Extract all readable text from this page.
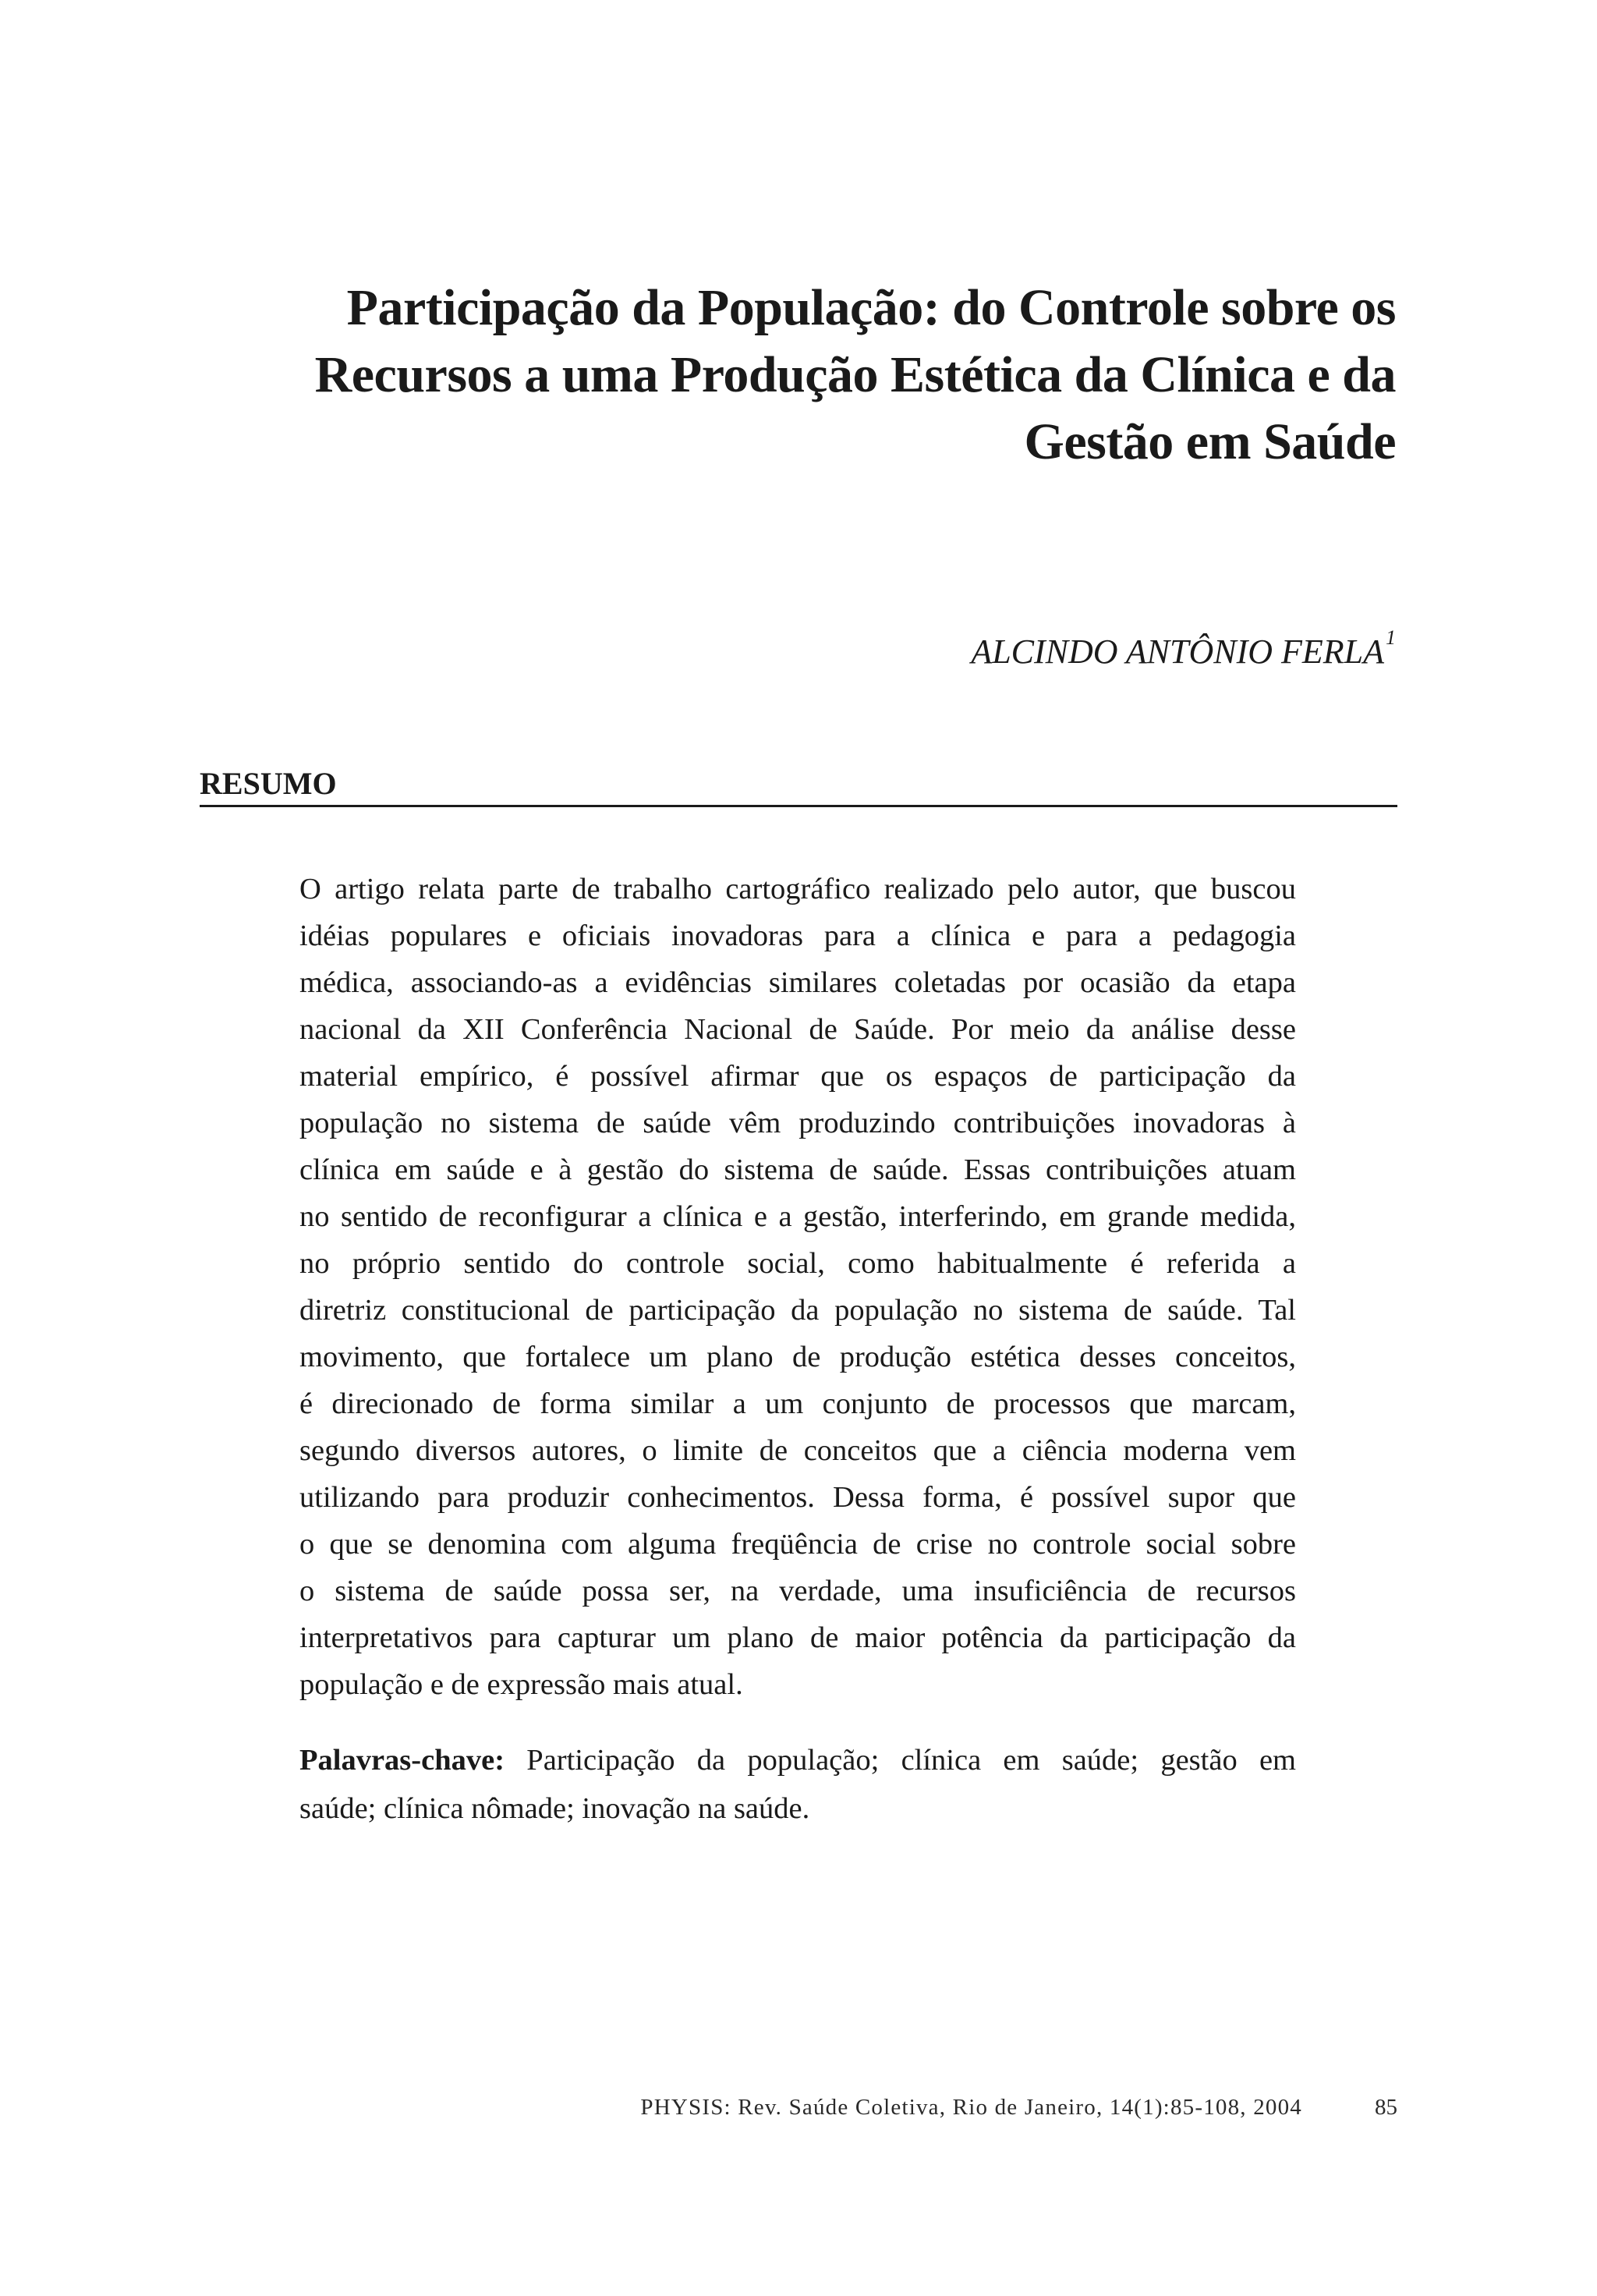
Participação da População: do Controle sobre os
Recursos a uma Produção Estética da Clínica e da
Gestão em Saúde
ALCINDO ANTÔNIO FERLA$^1$
RESUMO
O artigo relata parte de trabalho cartográfico realizado pelo autor, que buscou
idéias populares e oficiais inovadoras para a clínica e para a pedagogia
médica, associando-as a evidências similares coletadas por ocasião da etapa
nacional da XII Conferência Nacional de Saúde. Por meio da análise desse
material empírico, é possível afirmar que os espaços de participação da
população no sistema de saúde vêm produzindo contribuições inovadoras à
clínica em saúde e à gestão do sistema de saúde. Essas contribuições atuam
no sentido de reconfigurar a clínica e a gestão, interferindo, em grande medida,
no próprio sentido do controle social, como habitualmente é referida a
diretriz constitucional de participação da população no sistema de saúde. Tal
movimento, que fortalece um plano de produção estética desses conceitos,
é direcionado de forma similar a um conjunto de processos que marcam,
segundo diversos autores, o limite de conceitos que a ciência moderna vem
utilizando para produzir conhecimentos. Dessa forma, é possível supor que
o que se denomina com alguma freqüência de crise no controle social sobre
o sistema de saúde possa ser, na verdade, uma insuficiência de recursos
interpretativos para capturar um plano de maior potência da participação da
população e de expressão mais atual.
Palavras-chave: Participação da população; clínica em saúde; gestão em
saúde; clínica nômade; inovação na saúde.
PHYSIS: Rev. Saúde Coletiva, Rio de Janeiro, 14(1):85-108, 2004	85
